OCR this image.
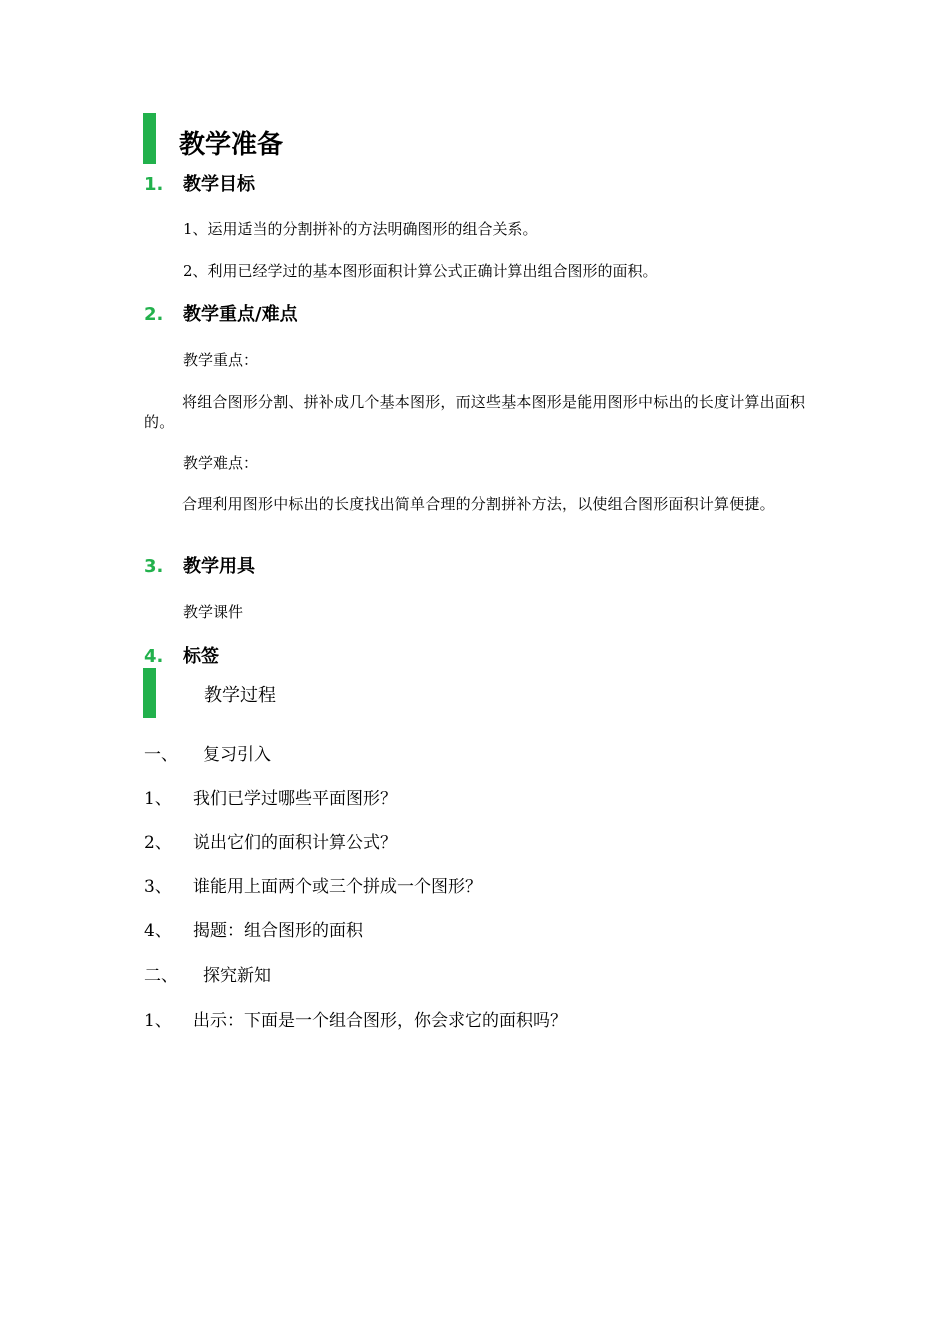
教学准备
1. 教学目标
1、运用适当的分割拼补的方法明确图形的组合关系。
2、利用已经学过的基本图形面积计算公式正确计算出组合图形的面积。
2. 教学重点/难点
教学重点：
将组合图形分割、拼补成几个基本图形，而这些基本图形是能用图形中标出的长度计算出面积的。
教学难点：
合理利用图形中标出的长度找出简单合理的分割拼补方法，以使组合图形面积计算便捷。
3. 教学用具
教学课件
4. 标签
教学过程
一、 复习引入
1、 我们已学过哪些平面图形？
2、 说出它们的面积计算公式？
3、 谁能用上面两个或三个拼成一个图形？
4、 揭题：组合图形的面积
二、 探究新知
1、 出示：下面是一个组合图形，你会求它的面积吗？
